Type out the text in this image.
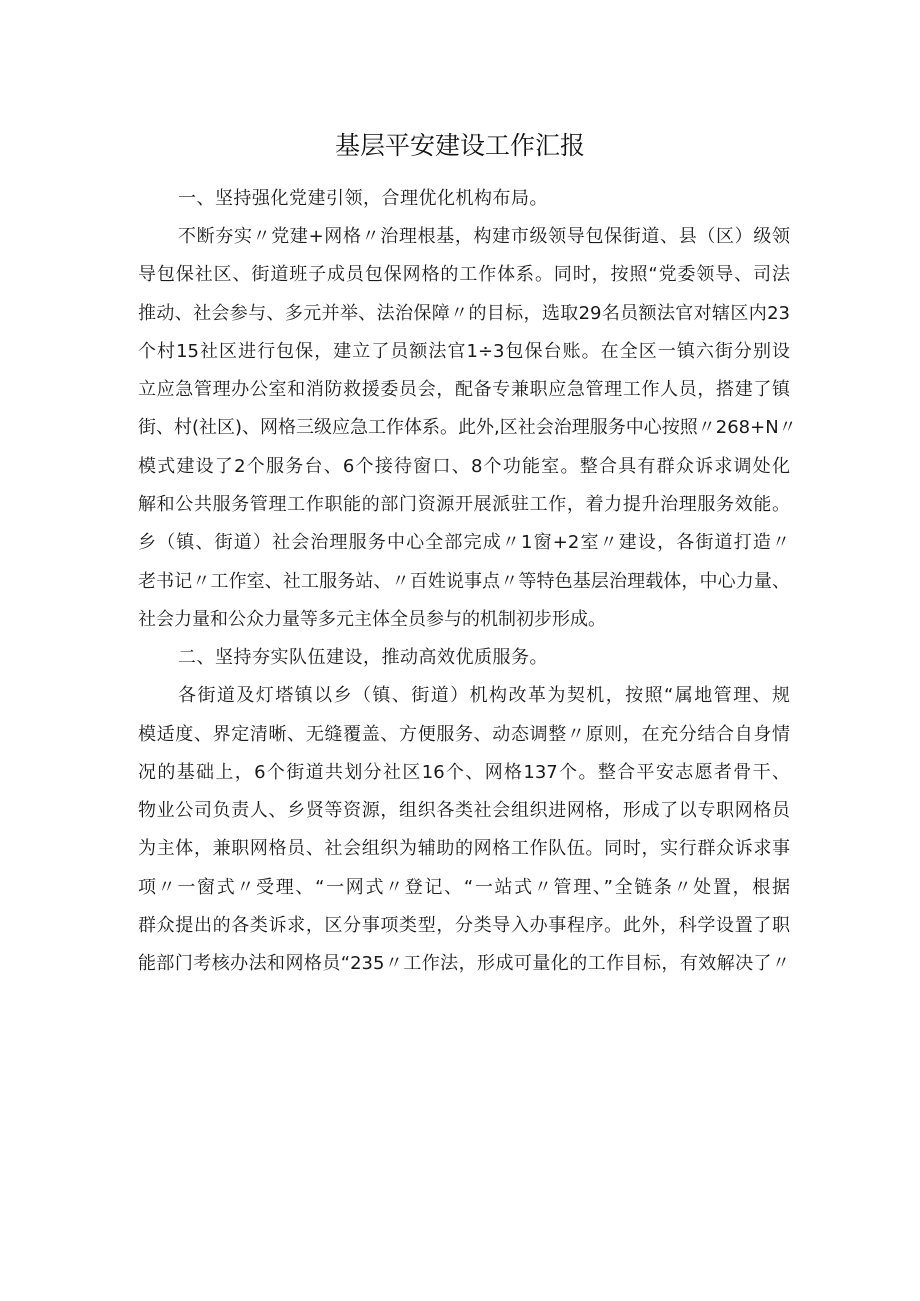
基层平安建设工作汇报

一、坚持强化党建引领，合理优化机构布局。

不断夯实〃党建+网格〃治理根基，构建市级领导包保街道、县（区）级领
导包保社区、街道班子成员包保网格的工作体系。同时，按照“党委领导、司法
推动、社会参与、多元并举、法治保障〃的目标，选取29名员额法官对辖区内23
个村15社区进行包保，建立了员额法官1÷3包保台账。在全区一镇六街分别设
立应急管理办公室和消防救援委员会，配备专兼职应急管理工作人员，搭建了镇
街、村(社区)、网格三级应急工作体系。此外,区社会治理服务中心按照〃268+N〃
模式建设了2个服务台、6个接待窗口、8个功能室。整合具有群众诉求调处化
解和公共服务管理工作职能的部门资源开展派驻工作，着力提升治理服务效能。
乡（镇、街道）社会治理服务中心全部完成〃1窗+2室〃建设，各街道打造〃
老书记〃工作室、社工服务站、〃百姓说事点〃等特色基层治理载体，中心力量、
社会力量和公众力量等多元主体全员参与的机制初步形成。

二、坚持夯实队伍建设，推动高效优质服务。

各街道及灯塔镇以乡（镇、街道）机构改革为契机，按照“属地管理、规
模适度、界定清晰、无缝覆盖、方便服务、动态调整〃原则，在充分结合自身情
况的基础上，6个街道共划分社区16个、网格137个。整合平安志愿者骨干、
物业公司负责人、乡贤等资源，组织各类社会组织进网格，形成了以专职网格员
为主体，兼职网格员、社会组织为辅助的网格工作队伍。同时，实行群众诉求事
项〃一窗式〃受理、“一网式〃登记、“一站式〃管理、”全链条〃处置，根据
群众提出的各类诉求，区分事项类型，分类导入办事程序。此外，科学设置了职
能部门考核办法和网格员“235〃工作法，形成可量化的工作目标，有效解决了〃
